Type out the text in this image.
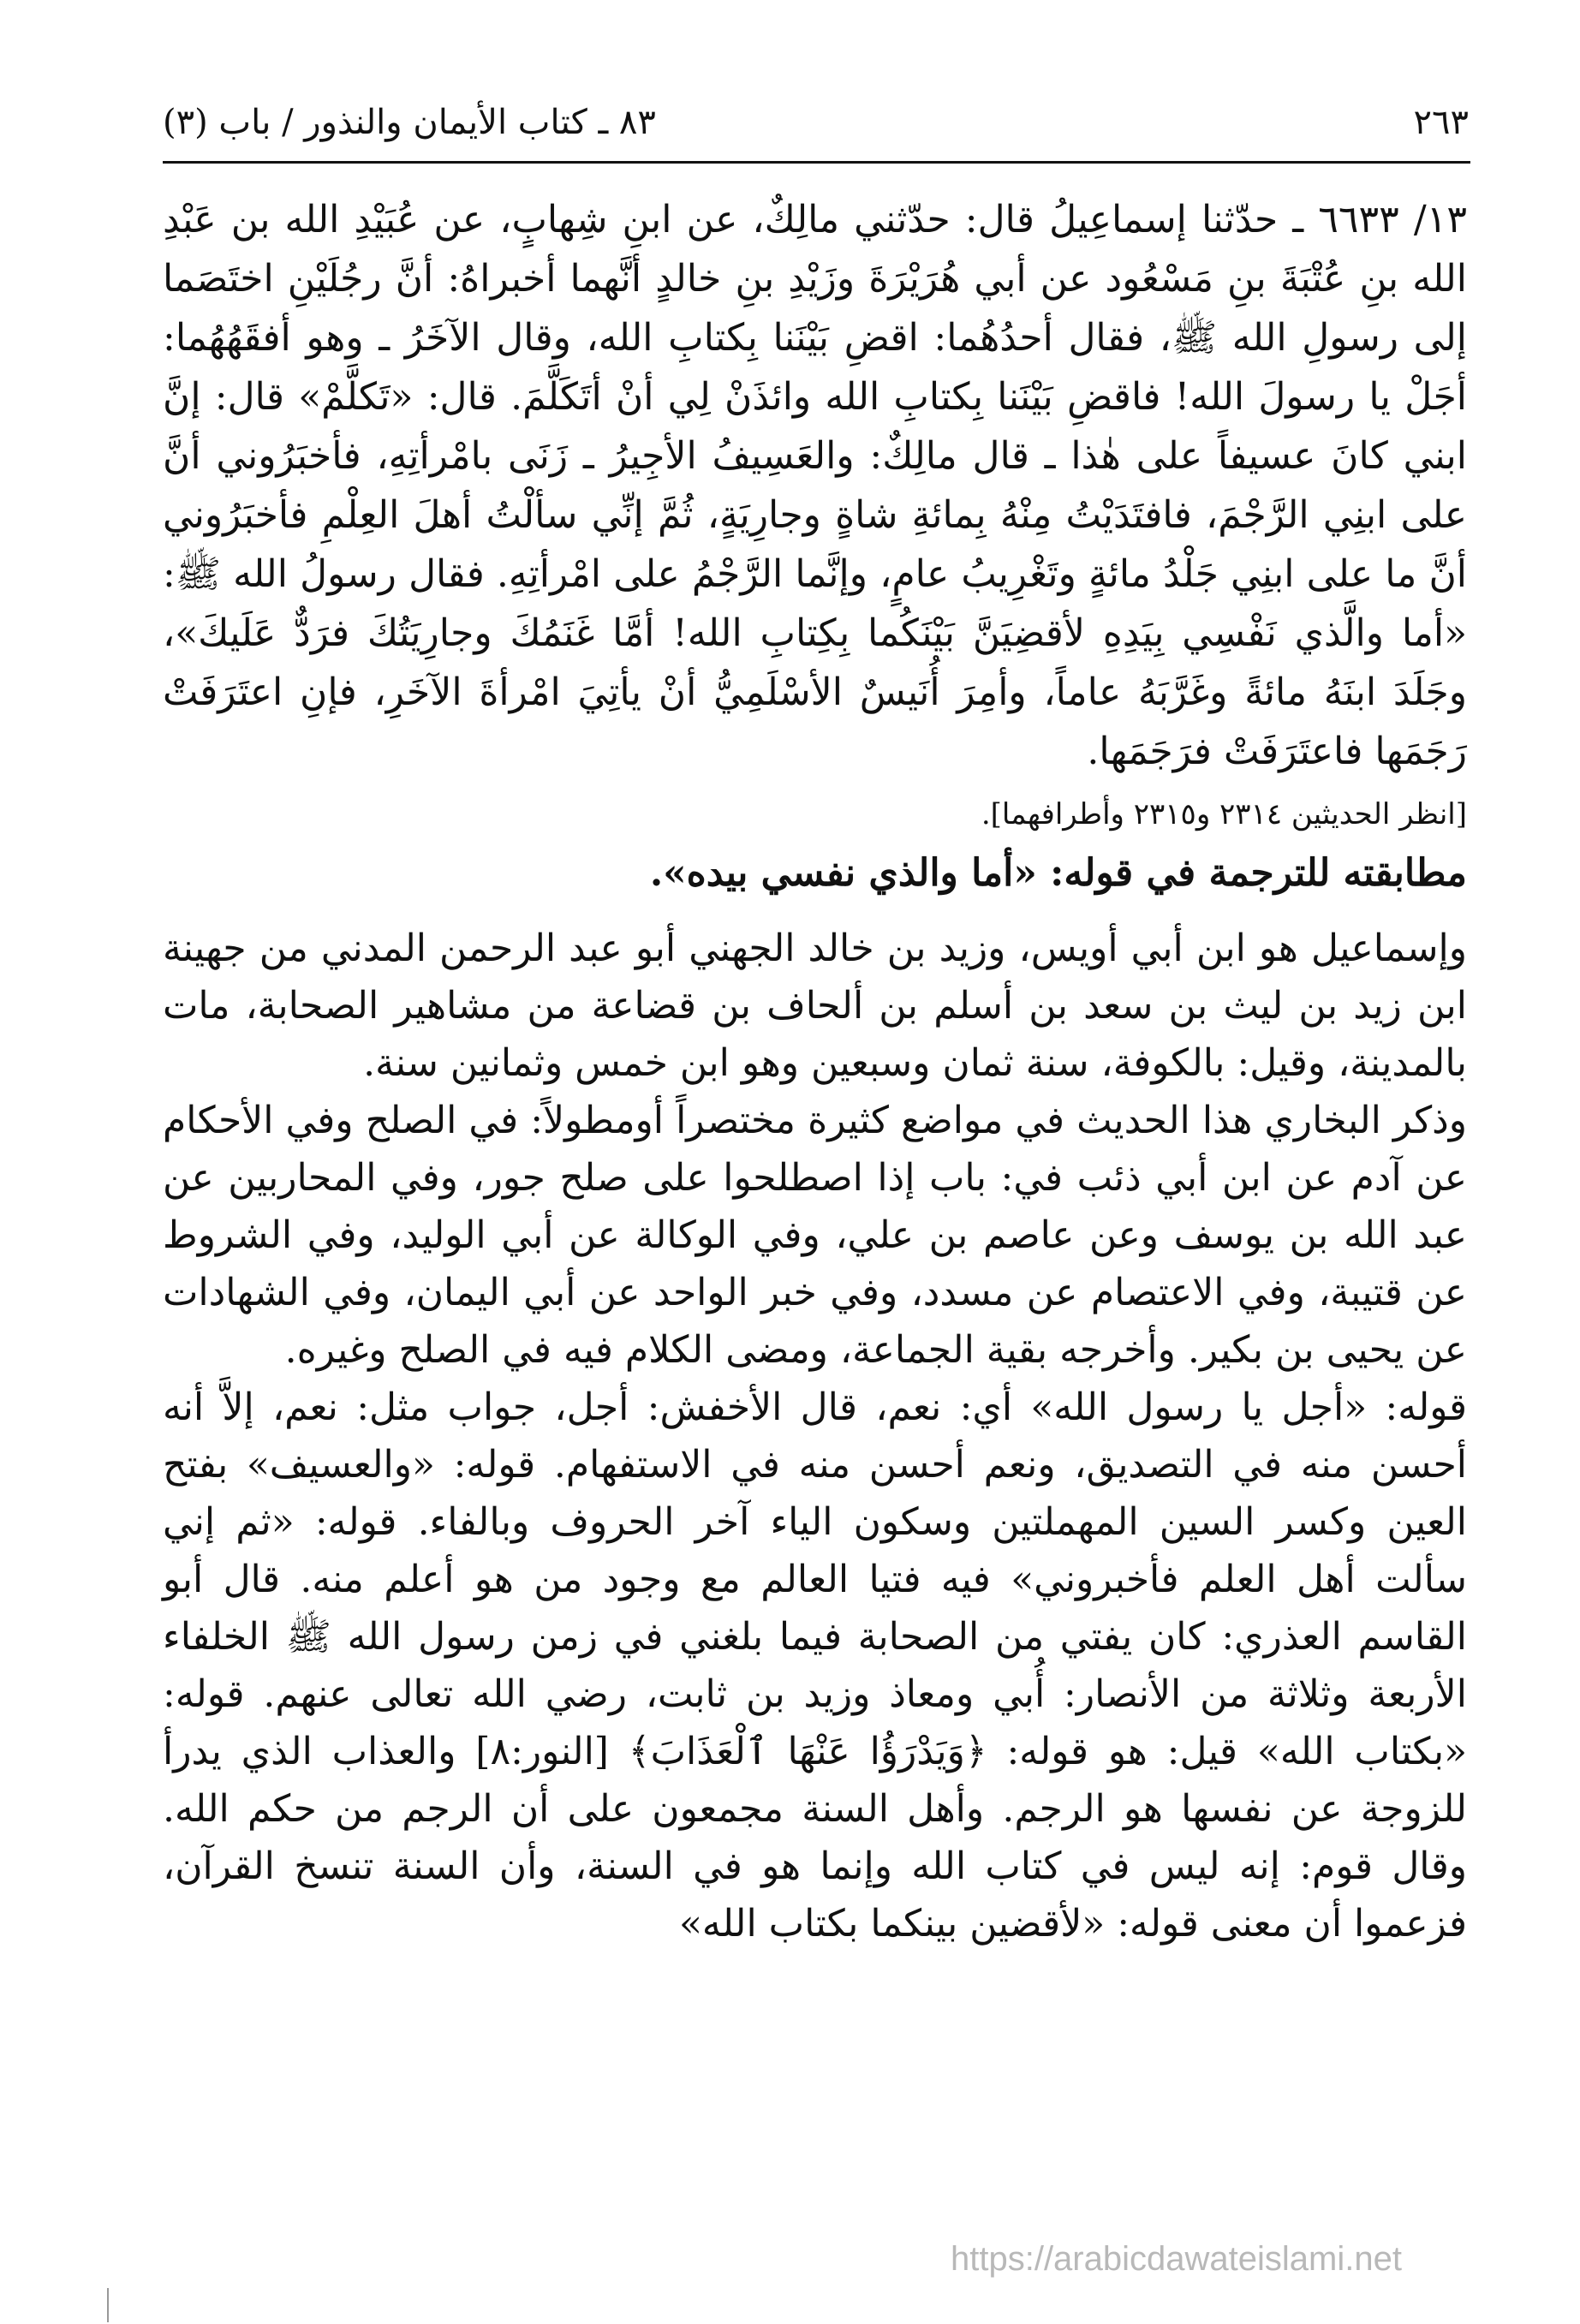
٨٣ ـ كتاب الأيمان والنذور / باب (٣)	٢٦٣

١٣/ ٦٦٣٣ ـ حدّثنا إسماعِيلُ قال: حدّثني مالِكٌ، عن ابنِ شِهابٍ، عن عُبَيْدِ الله بن عَبْدِ الله بنِ عُتْبَةَ بنِ مَسْعُود عن أبي هُرَيْرَةَ وزَيْدِ بنِ خالدٍ أنَّهما أخبراهُ: أنَّ رجُلَيْنِ اختَصَما إلى رسولِ الله ﷺ، فقال أحدُهُما: اقضِ بَيْنَنا بِكتابِ الله، وقال الآخَرُ ـ وهو أفقَهُهُما: أجَلْ يا رسولَ الله! فاقضِ بَيْنَنا بِكتابِ الله وائذَنْ لِي أنْ أتَكَلَّمَ. قال: «تَكلَّمْ» قال: إنَّ ابني كانَ عسيفاً على هٰذا ـ قال مالِكٌ: والعَسِيفُ الأجِيرُ ـ زَنَى بامْرأتِهِ، فأخبَرُوني أنَّ على ابنِي الرَّجْمَ، فافتَدَيْتُ مِنْهُ بِمائةِ شاةٍ وجارِيَةٍ، ثُمَّ إنِّي سألْتُ أهلَ العِلْمِ فأخبَرُوني أنَّ ما على ابنِي جَلْدُ مائةٍ وتَغْرِيبُ عامٍ، وإنَّما الرَّجْمُ على امْرأتِهِ. فقال رسولُ الله ﷺ: «أما والَّذي نَفْسِي بِيَدِهِ لأقضِيَنَّ بَيْنَكُما بِكِتابِ الله! أمَّا غَنَمُكَ وجارِيَتُكَ فرَدٌّ عَلَيكَ»، وجَلَدَ ابنَهُ مائةً وغَرَّبَهُ عاماً، وأمِرَ أُنَيسٌ الأسْلَمِيُّ أنْ يأتِيَ امْرأةَ الآخَرِ، فإنِ اعتَرَفَتْ رَجَمَها فاعتَرَفَتْ فرَجَمَها.

[انظر الحديثين ٢٣١٤ و٢٣١٥ وأطرافهما].

مطابقته للترجمة في قوله: «أما والذي نفسي بيده».

وإسماعيل هو ابن أبي أويس، وزيد بن خالد الجهني أبو عبد الرحمن المدني من جهينة ابن زيد بن ليث بن سعد بن أسلم بن ألحاف بن قضاعة من مشاهير الصحابة، مات بالمدينة، وقيل: بالكوفة، سنة ثمان وسبعين وهو ابن خمس وثمانين سنة.

وذكر البخاري هذا الحديث في مواضع كثيرة مختصراً أومطولاً: في الصلح وفي الأحكام عن آدم عن ابن أبي ذئب في: باب إذا اصطلحوا على صلح جور، وفي المحاربين عن عبد الله بن يوسف وعن عاصم بن علي، وفي الوكالة عن أبي الوليد، وفي الشروط عن قتيبة، وفي الاعتصام عن مسدد، وفي خبر الواحد عن أبي اليمان، وفي الشهادات عن يحيى بن بكير. وأخرجه بقية الجماعة، ومضى الكلام فيه في الصلح وغيره.

قوله: «أجل يا رسول الله» أي: نعم، قال الأخفش: أجل، جواب مثل: نعم، إلاَّ أنه أحسن منه في التصديق، ونعم أحسن منه في الاستفهام. قوله: «والعسيف» بفتح العين وكسر السين المهملتين وسكون الياء آخر الحروف وبالفاء. قوله: «ثم إني سألت أهل العلم فأخبروني» فيه فتيا العالم مع وجود من هو أعلم منه. قال أبو القاسم العذري: كان يفتي من الصحابة فيما بلغني في زمن رسول الله ﷺ الخلفاء الأربعة وثلاثة من الأنصار: أُبي ومعاذ وزيد بن ثابت، رضي الله تعالى عنهم. قوله: «بكتاب الله» قيل: هو قوله: ﴿وَيَدْرَؤُا عَنْهَا ٱلْعَذَابَ﴾ [النور:٨] والعذاب الذي يدرأ للزوجة عن نفسها هو الرجم. وأهل السنة مجمعون على أن الرجم من حكم الله. وقال قوم: إنه ليس في كتاب الله وإنما هو في السنة، وأن السنة تنسخ القرآن، فزعموا أن معنى قوله: «لأقضين بينكما بكتاب الله»

https://arabicdawateislami.net
